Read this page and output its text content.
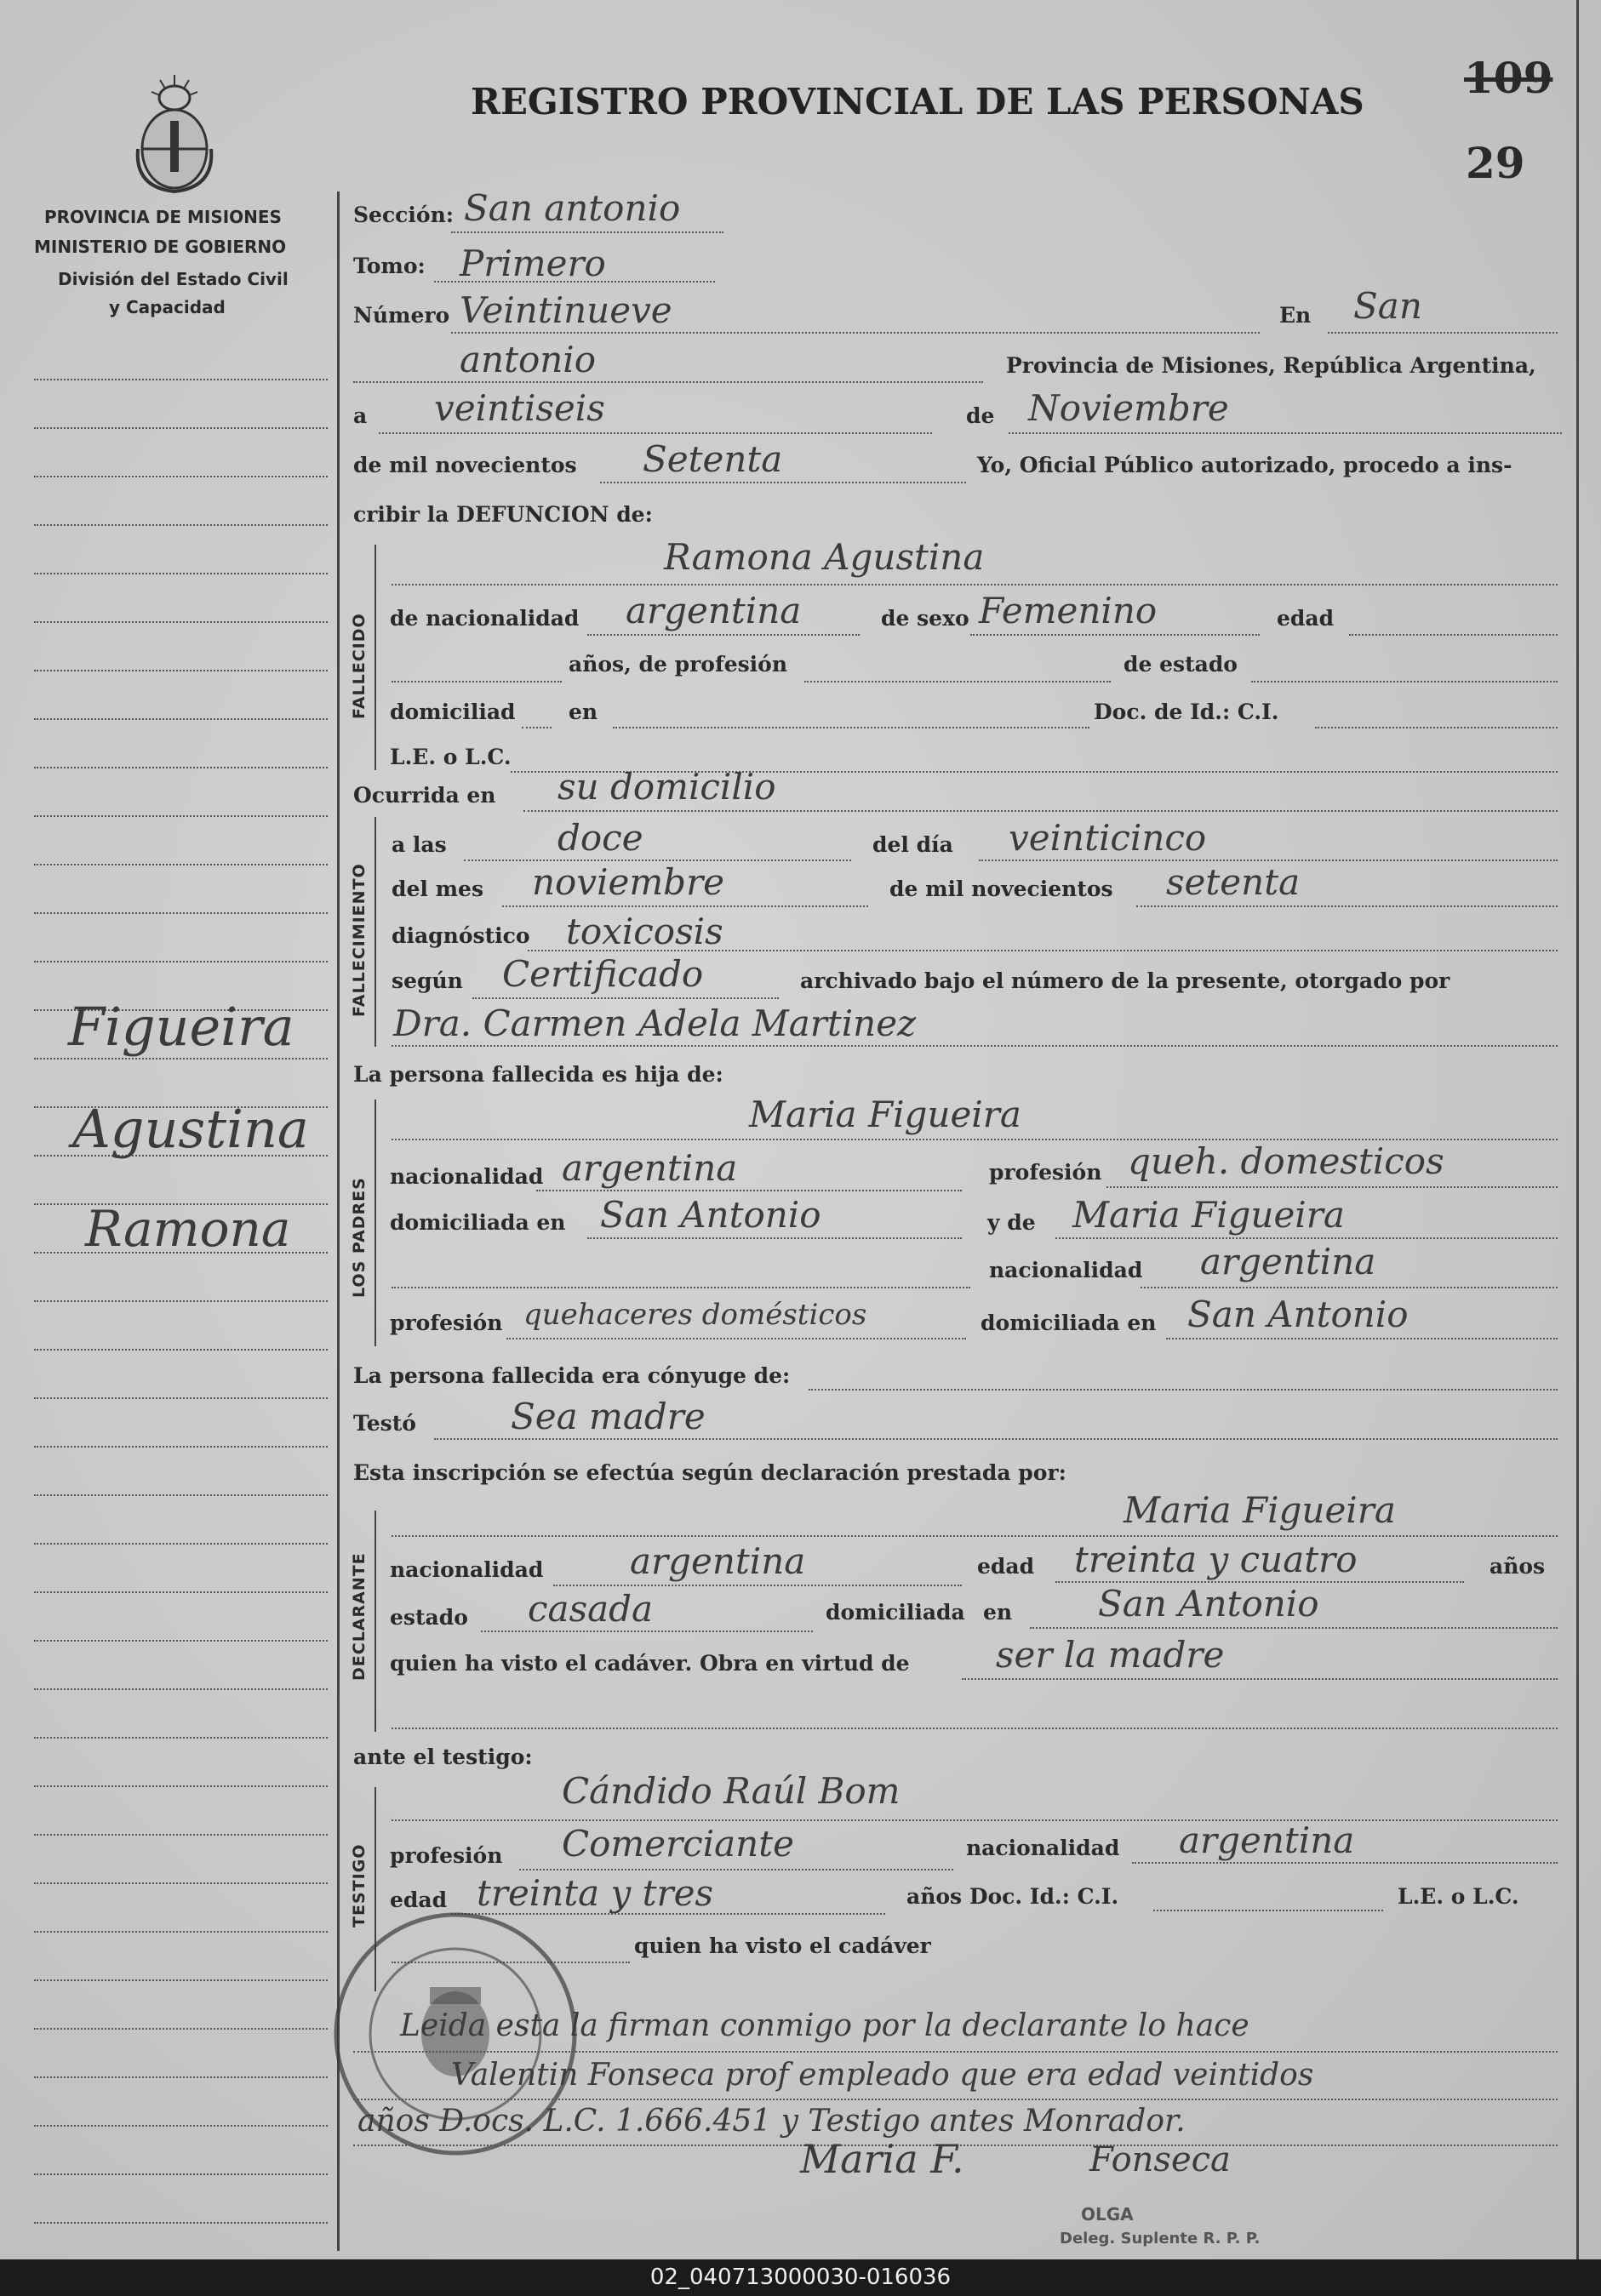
PROVINCIA DE MISIONES
MINISTERIO DE GOBIERNO
División del Estado Civil
y Capacidad
REGISTRO PROVINCIAL DE LAS PERSONAS 109
29
Figueira
Agustina
Ramona
Sección: San antonio
Tomo: Primero
Número Veintinueve	En San
antonio	Provincia de Misiones, República Argentina,
a veintiseis	de Noviembre
de mil novecientos Setenta	Yo, Oficial Público autorizado, procedo a ins-
cribir la DEFUNCION de:
FALLECIDO
Ramona Agustina
de nacionalidad argentina	de sexo Femenino	edad
años, de profesión	de estado
domiciliad	en	Doc. de Id.: C.I.
L.E. o L.C.
Ocurrida en su domicilio
FALLECIMIENTO
a las	doce	del día veinticinco
del mes noviembre	de mil novecientos setenta
diagnóstico toxicosis
según Certificado	archivado bajo el número de la presente, otorgado por
Dra. Carmen Adela Martinez
La persona fallecida es hija de:
LOS PADRES
Maria Figueira
nacionalidad argentina	profesión queh. domesticos
domiciliada en San Antonio	y de Maria Figueira
nacionalidad argentina
profesión quehaceres domésticos	domiciliada en San Antonio
La persona fallecida era cónyuge de:
Testó	Sea madre
Esta inscripción se efectúa según declaración prestada por:
DECLARANTE
Maria Figueira
nacionalidad argentina	edad treinta y cuatro	años
estado casada	domiciliada en San Antonio
quien ha visto el cadáver. Obra en virtud de ser la madre
ante el testigo:
TESTIGO
Cándido Raúl Bom
profesión Comerciante	nacionalidad argentina
edad treinta y tres	años Doc. Id.: C.I.	L.E. o L.C.
quien ha visto el cadáver
Leida esta la firman conmigo por la declarante lo hace
Valentin Fonseca prof empleado que era edad veintidos
años D.ocs. L.C. 1.666.451 y Testigo antes Monrador.
Maria F.	Fonseca
OLGA
Deleg. Suplente R. P. P.
02_040713000030-016036
